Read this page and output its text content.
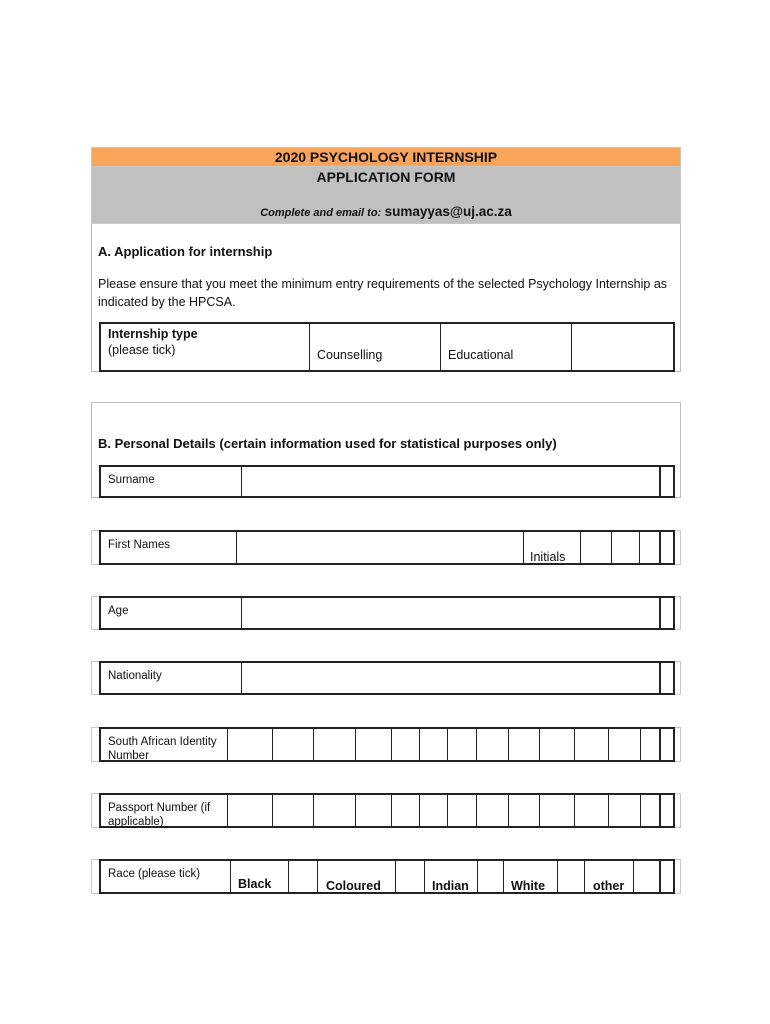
2020 PSYCHOLOGY INTERNSHIP
APPLICATION FORM
Complete and email to: sumayyas@uj.ac.za
A. Application for internship
Please ensure that you meet the minimum entry requirements of the selected Psychology Internship as indicated by the HPCSA.
Internship type
(please tick)	Counselling	Educational
B. Personal Details (certain information used for statistical purposes only)
Surname
First Names
Initials
Age
Nationality
South African Identity Number
Passport Number (if applicable)
Race (please tick)
Black	Coloured	Indian	White	other
